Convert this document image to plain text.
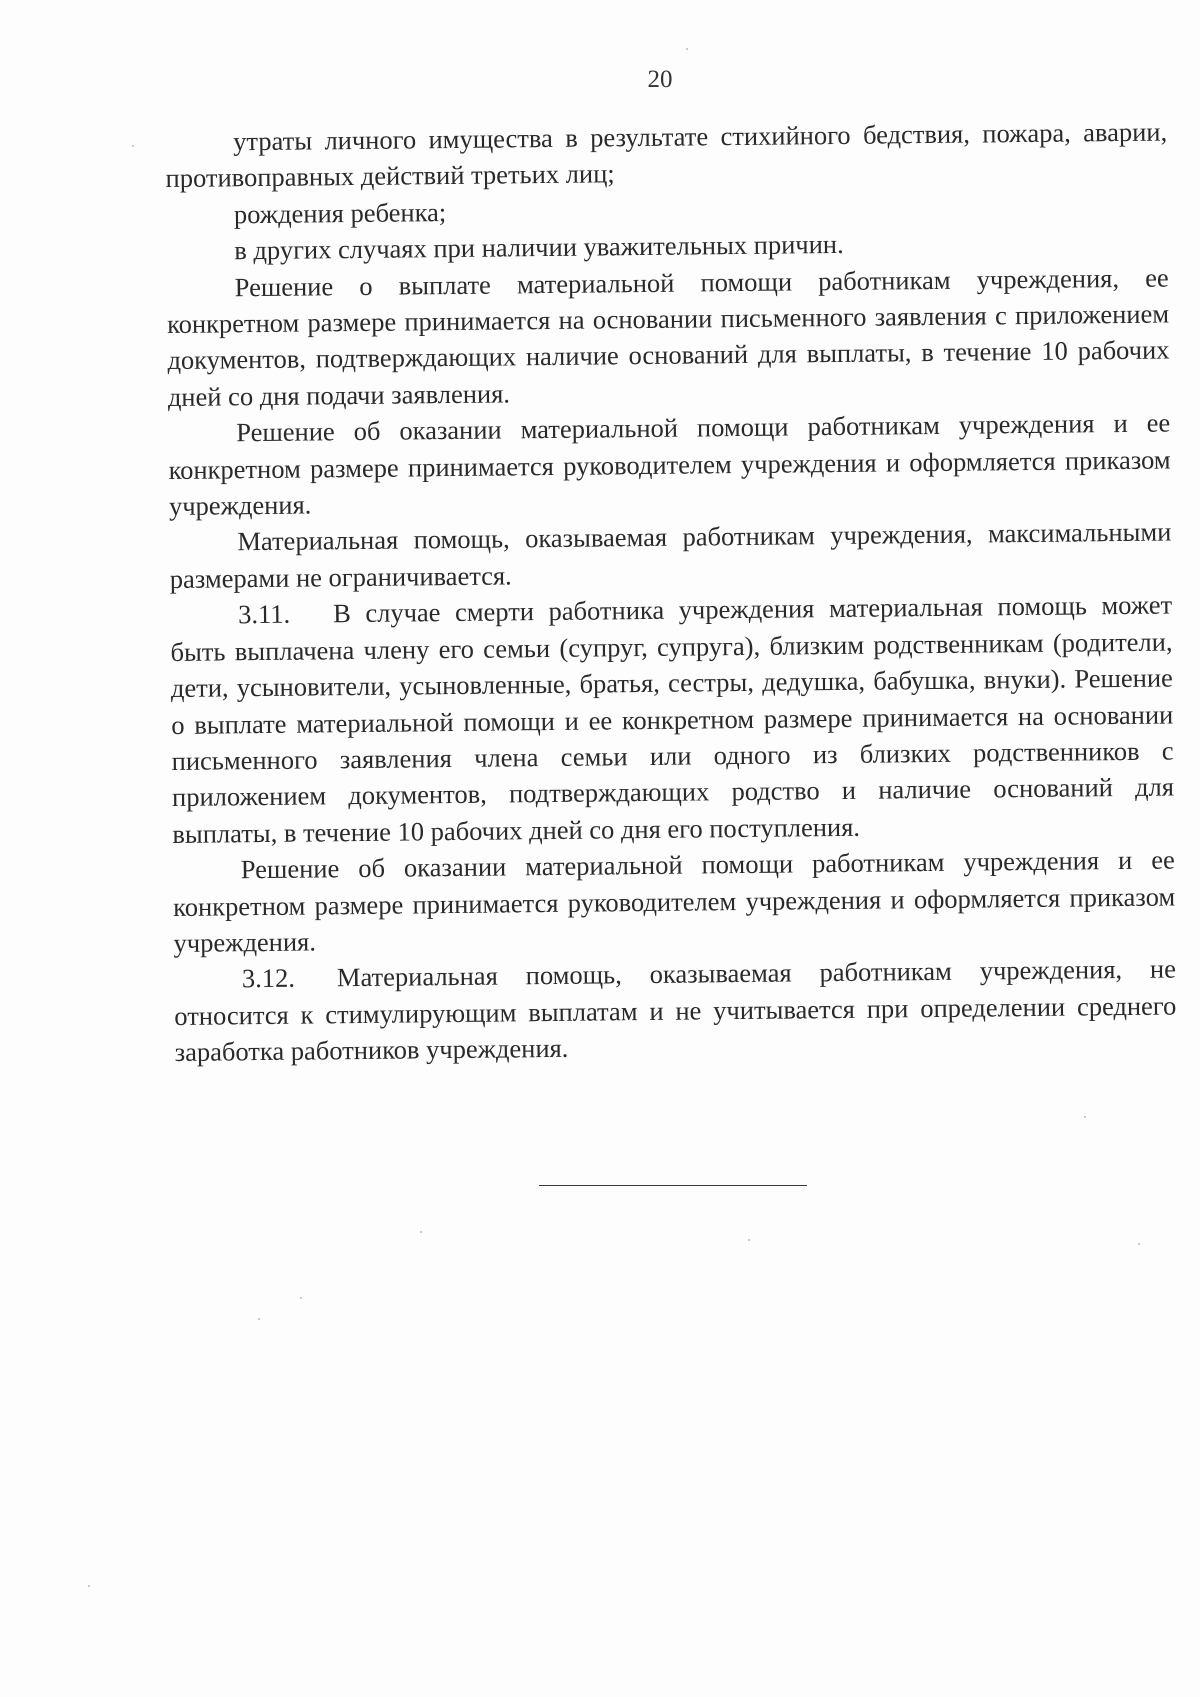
20

утраты личного имущества в результате стихийного бедствия, пожара, аварии, противоправных действий третьих лиц;

рождения ребенка;

в других случаях при наличии уважительных причин.

Решение о выплате материальной помощи работникам учреждения, ее конкретном размере принимается на основании письменного заявления с приложением документов, подтверждающих наличие оснований для выплаты, в течение 10 рабочих дней со дня подачи заявления.

Решение об оказании материальной помощи работникам учреждения и ее конкретном размере принимается руководителем учреждения и оформляется приказом учреждения.

Материальная помощь, оказываемая работникам учреждения, максимальными размерами не ограничивается.

3.11. В случае смерти работника учреждения материальная помощь может быть выплачена члену его семьи (супруг, супруга), близким родственникам (родители, дети, усыновители, усыновленные, братья, сестры, дедушка, бабушка, внуки). Решение о выплате материальной помощи и ее конкретном размере принимается на основании письменного заявления члена семьи или одного из близких родственников с приложением документов, подтверждающих родство и наличие оснований для выплаты, в течение 10 рабочих дней со дня его поступления.

Решение об оказании материальной помощи работникам учреждения и ее конкретном размере принимается руководителем учреждения и оформляется приказом учреждения.

3.12. Материальная помощь, оказываемая работникам учреждения, не относится к стимулирующим выплатам и не учитывается при определении среднего заработка работников учреждения.
